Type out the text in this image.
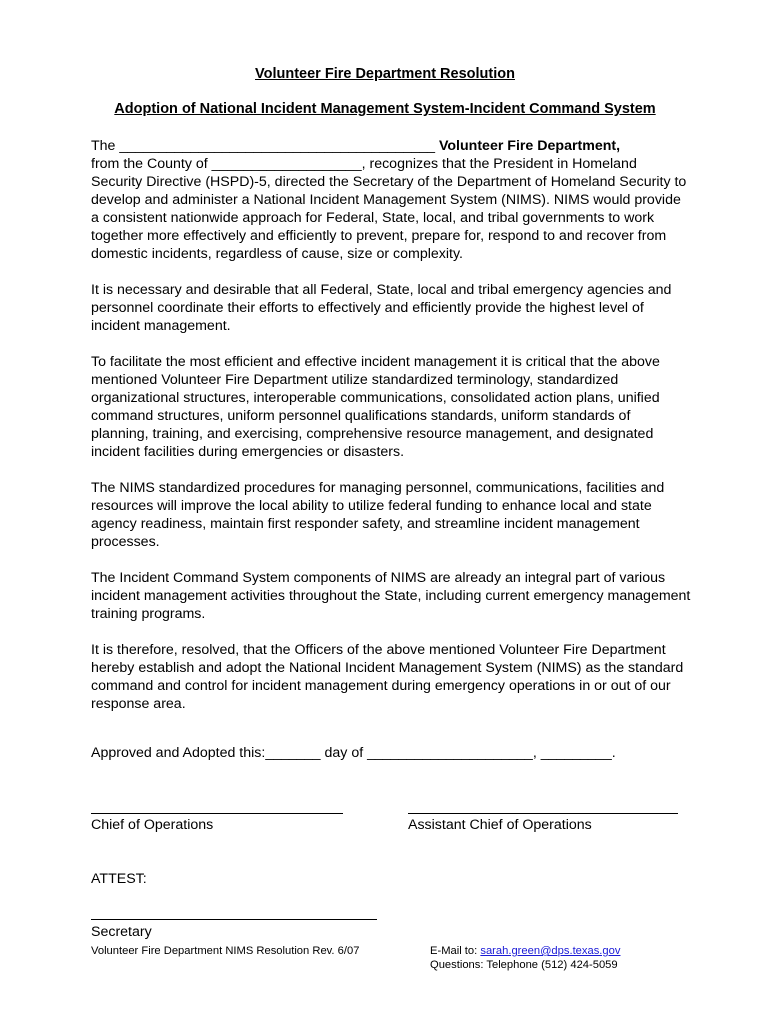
Volunteer Fire Department Resolution
Adoption of National Incident Management System-Incident Command System

The ________________________________________ Volunteer Fire Department,
from the County of ___________________, recognizes that the President in Homeland Security Directive (HSPD)-5, directed the Secretary of the Department of Homeland Security to develop and administer a National Incident Management System (NIMS). NIMS would provide a consistent nationwide approach for Federal, State, local, and tribal governments to work together more effectively and efficiently to prevent, prepare for, respond to and recover from domestic incidents, regardless of cause, size or complexity.

It is necessary and desirable that all Federal, State, local and tribal emergency agencies and personnel coordinate their efforts to effectively and efficiently provide the highest level of incident management.

To facilitate the most efficient and effective incident management it is critical that the above mentioned Volunteer Fire Department utilize standardized terminology, standardized organizational structures, interoperable communications, consolidated action plans, unified command structures, uniform personnel qualifications standards, uniform standards of planning, training, and exercising, comprehensive resource management, and designated incident facilities during emergencies or disasters.

The NIMS standardized procedures for managing personnel, communications, facilities and resources will improve the local ability to utilize federal funding to enhance local and state agency readiness, maintain first responder safety, and streamline incident management processes.

The Incident Command System components of NIMS are already an integral part of various incident management activities throughout the State, including current emergency management training programs.

It is therefore, resolved, that the Officers of the above mentioned Volunteer Fire Department hereby establish and adopt the National Incident Management System (NIMS) as the standard command and control for incident management during emergency operations in or out of our response area.

Approved and Adopted this:_______ day of _____________________, _________.
Chief of Operations	Assistant Chief of Operations
ATTEST:
Secretary
Volunteer Fire Department NIMS Resolution Rev. 6/07	E-Mail to: sarah.green@dps.texas.gov
Questions: Telephone (512) 424-5059
